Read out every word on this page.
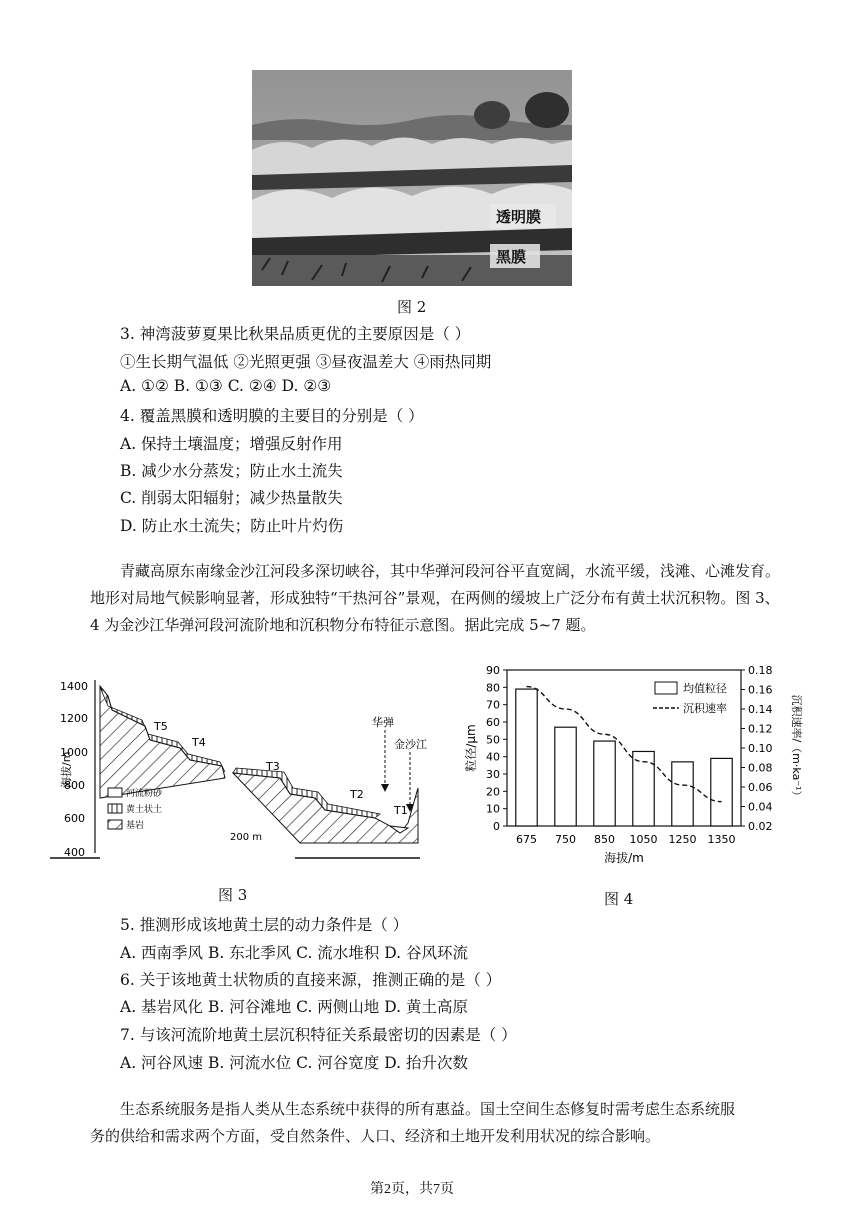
透明膜
黑膜
图 2
3. 神湾菠萝夏果比秋果品质更优的主要原因是（ ）
①生长期气温低 ②光照更强 ③昼夜温差大 ④雨热同期
A. ①② B. ①③ C. ②④ D. ②③
4. 覆盖黑膜和透明膜的主要目的分别是（ ）
A. 保持土壤温度；增强反射作用
B. 减少水分蒸发；防止水土流失
C. 削弱太阳辐射；减少热量散失
D. 防止水土流失；防止叶片灼伤
青藏高原东南缘金沙江河段多深切峡谷，其中华弹河段河谷平直宽阔，水流平缓，浅滩、心滩发育。地形对局地气候影响显著，形成独特“干热河谷”景观，在两侧的缓坡上广泛分布有黄土状沉积物。图 3、4 为金沙江华弹河段河流阶地和沉积物分布特征示意图。据此完成 5~7 题。
1400
1200
1000
800
600
400
海拔/m
T5
T4
T3
T2
T1
华弹
金沙江
200 m
河流粉砂
黄土状土
基岩
图 3
0
10
20
30
40
50
60
70
80
90
0.02
0.04
0.06
0.08
0.10
0.12
0.14
0.16
0.18
675 750 850 1050 1250 1350
海拔/m
粒径/μm	沉积速率/（m·ka⁻¹）
均值粒径
沉积速率
图 4
5. 推测形成该地黄土层的动力条件是（ ）
A. 西南季风 B. 东北季风 C. 流水堆积 D. 谷风环流
6. 关于该地黄土状物质的直接来源，推测正确的是（ ）
A. 基岩风化 B. 河谷滩地 C. 两侧山地 D. 黄土高原
7. 与该河流阶地黄土层沉积特征关系最密切的因素是（ ）
A. 河谷风速 B. 河流水位 C. 河谷宽度 D. 抬升次数
生态系统服务是指人类从生态系统中获得的所有惠益。国土空间生态修复时需考虑生态系统服务的供给和需求两个方面，受自然条件、人口、经济和土地开发利用状况的综合影响。
第2页，共7页
